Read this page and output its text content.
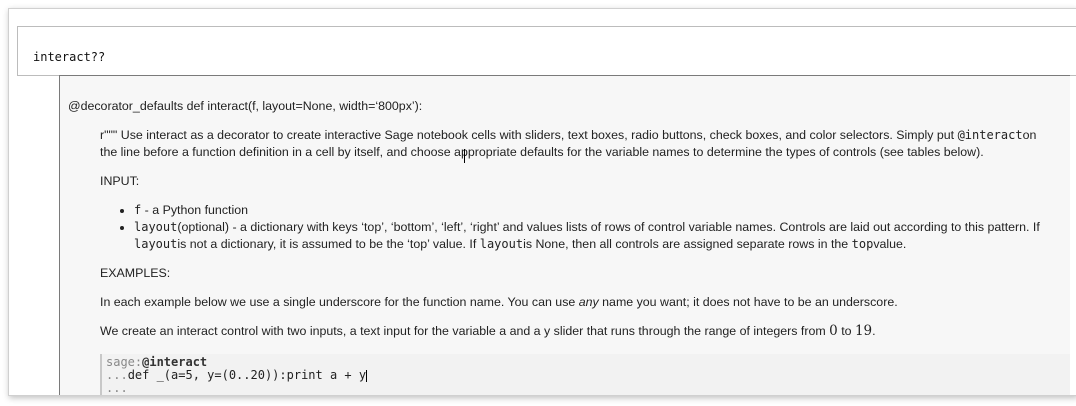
interact??
@decorator_defaults def interact(f, layout=None, width=‘800px’):
r""" Use interact as a decorator to create interactive Sage notebook cells with sliders, text boxes, radio buttons, check boxes, and color selectors. Simply put @interacton
the line before a function definition in a cell by itself, and choose appropriate defaults for the variable names to determine the types of controls (see tables below).
INPUT:
• f - a Python function
• layout(optional) - a dictionary with keys ‘top’, ‘bottom’, ‘left’, ‘right’ and values lists of rows of control variable names. Controls are laid out according to this pattern. If
layoutis not a dictionary, it is assumed to be the ‘top’ value. If layoutis None, then all controls are assigned separate rows in the topvalue.
EXAMPLES:
In each example below we use a single underscore for the function name. You can use any name you want; it does not have to be an underscore.
We create an interact control with two inputs, a text input for the variable a and a y slider that runs through the range of integers from 0 to 19.
sage:@interact
...def _(a=5, y=(0..20)):print a + y
...
